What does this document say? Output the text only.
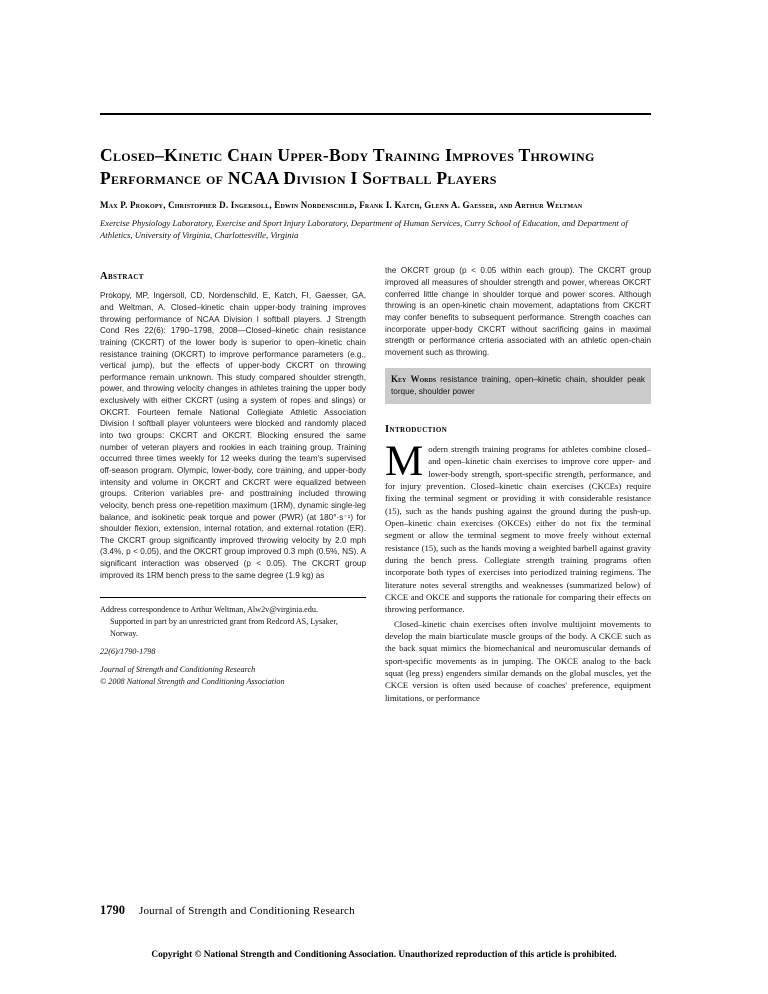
Closed–Kinetic Chain Upper-Body Training Improves Throwing Performance of NCAA Division I Softball Players

Max P. Prokopy, Christopher D. Ingersoll, Edwin Nordenschild, Frank I. Katch, Glenn A. Gaesser, and Arthur Weltman

Exercise Physiology Laboratory, Exercise and Sport Injury Laboratory, Department of Human Services, Curry School of Education, and Department of Athletics, University of Virginia, Charlottesville, Virginia

Abstract

Prokopy, MP, Ingersoll, CD, Nordenschild, E, Katch, FI, Gaesser, GA, and Weltman, A. Closed–kinetic chain upper-body training improves throwing performance of NCAA Division I softball players. J Strength Cond Res 22(6): 1790–1798, 2008—Closed–kinetic chain resistance training (CKCRT) of the lower body is superior to open–kinetic chain resistance training (OKCRT) to improve performance parameters (e.g., vertical jump), but the effects of upper-body CKCRT on throwing performance remain unknown. This study compared shoulder strength, power, and throwing velocity changes in athletes training the upper body exclusively with either CKCRT (using a system of ropes and slings) or OKCRT. Fourteen female National Collegiate Athletic Association Division I softball player volunteers were blocked and randomly placed into two groups: CKCRT and OKCRT. Blocking ensured the same number of veteran players and rookies in each training group. Training occurred three times weekly for 12 weeks during the team's supervised off-season program. Olympic, lower-body, core training, and upper-body intensity and volume in OKCRT and CKCRT were equalized between groups. Criterion variables pre- and posttraining included throwing velocity, bench press one-repetition maximum (1RM), dynamic single-leg balance, and isokinetic peak torque and power (PWR) (at 180°·s⁻¹) for shoulder flexion, extension, internal rotation, and external rotation (ER). The CKCRT group significantly improved throwing velocity by 2.0 mph (3.4%, p < 0.05), and the OKCRT group improved 0.3 mph (0.5%, NS). A significant interaction was observed (p < 0.05). The CKCRT group improved its 1RM bench press to the same degree (1.9 kg) as

Address correspondence to Arthur Weltman, Alw2v@virginia.edu.

Supported in part by an unrestricted grant from Redcord AS, Lysaker, Norway.

22(6)/1790-1798

Journal of Strength and Conditioning Research

© 2008 National Strength and Conditioning Association

the OKCRT group (p < 0.05 within each group). The CKCRT group improved all measures of shoulder strength and power, whereas OKCRT conferred little change in shoulder torque and power scores. Although throwing is an open-kinetic chain movement, adaptations from CKCRT may confer benefits to subsequent performance. Strength coaches can incorporate upper-body CKCRT without sacrificing gains in maximal strength or performance criteria associated with an athletic open-chain movement such as throwing.

Key Words resistance training, open–kinetic chain, shoulder peak torque, shoulder power
Introduction

Modern strength training programs for athletes combine closed– and open–kinetic chain exercises to improve core upper- and lower-body strength, sport-specific strength, performance, and for injury prevention. Closed–kinetic chain exercises (CKCEs) require fixing the terminal segment or providing it with considerable resistance (15), such as the hands pushing against the ground during the push-up. Open–kinetic chain exercises (OKCEs) either do not fix the terminal segment or allow the terminal segment to move freely without external resistance (15), such as the hands moving a weighted barbell against gravity during the bench press. Collegiate strength training programs often incorporate both types of exercises into periodized training regimens. The literature notes several strengths and weaknesses (summarized below) of CKCE and OKCE and supports the rationale for comparing their effects on throwing performance.

Closed–kinetic chain exercises often involve multijoint movements to develop the main biarticulate muscle groups of the body. A CKCE such as the back squat mimics the biomechanical and neuromuscular demands of sport-specific movements as in jumping. The OKCE analog to the back squat (leg press) engenders similar demands on the global muscles, yet the CKCE version is often used because of coaches' preference, equipment limitations, or performance

1790 Journal of Strength and Conditioning Research
Copyright © National Strength and Conditioning Association. Unauthorized reproduction of this article is prohibited.
